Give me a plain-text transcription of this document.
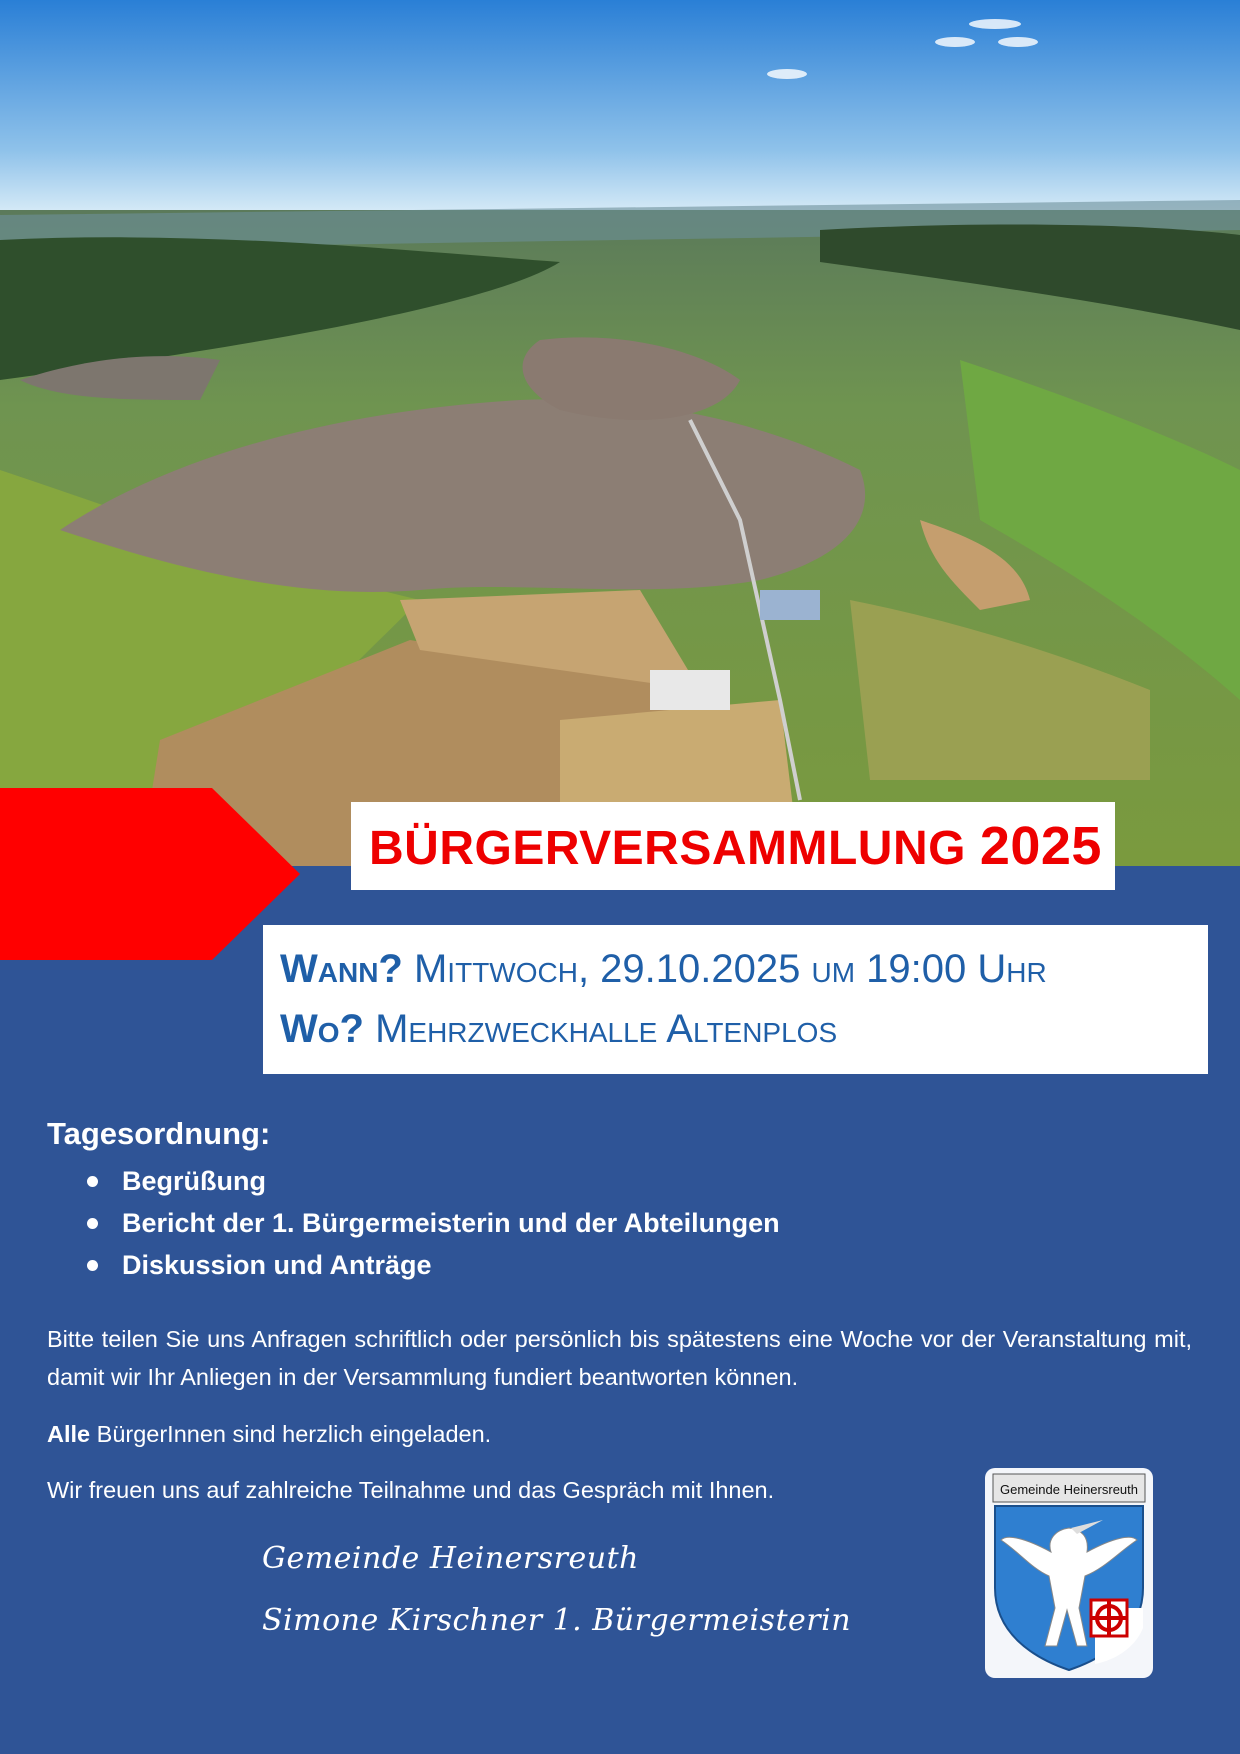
BÜRGERVERSAMMLUNG 2025
Wann? Mittwoch, 29.10.2025 um 19:00 Uhr
Wo? Mehrzweckhalle Altenplos
Tagesordnung:
Begrüßung
Bericht der 1. Bürgermeisterin und der Abteilungen
Diskussion und Anträge
Bitte teilen Sie uns Anfragen schriftlich oder persönlich bis spätestens eine Woche vor der Veranstaltung mit, damit wir Ihr Anliegen in der Versammlung fundiert beantworten können.
Alle BürgerInnen sind herzlich eingeladen.
Wir freuen uns auf zahlreiche Teilnahme und das Gespräch mit Ihnen.
Gemeinde Heinersreuth
Simone Kirschner 1. Bürgermeisterin
Gemeinde Heinersreuth
